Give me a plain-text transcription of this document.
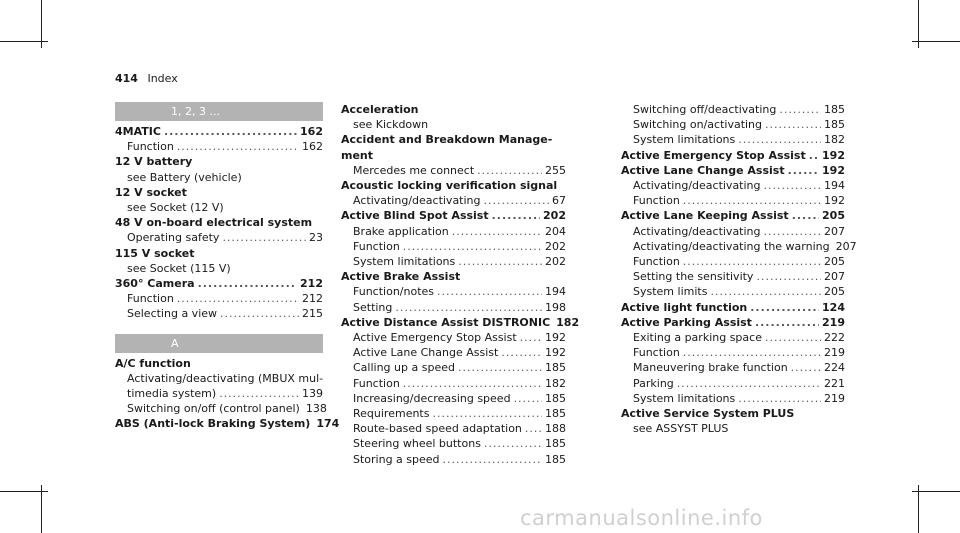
414 Index
1, 2, 3 ...
4MATIC .....	162
Function .....	162
12 V battery
see Battery (vehicle)
12 V socket
see Socket (12 V)
48 V on-board electrical system
Operating safety .....	23
115 V socket
see Socket (115 V)
360° Camera .....	212
Function .....	212
Selecting a view .....	215
A
A/C function
Activating/deactivating (MBUX mul-
timedia system) .....	139
Switching on/off (control panel) 138
ABS (Anti-lock Braking System) 174
Acceleration
see Kickdown
Accident and Breakdown Manage-
ment
Mercedes me connect .....	255
Acoustic locking verification signal
Activating/deactivating .....	67
Active Blind Spot Assist .....	202
Brake application .....	204
Function .....	202
System limitations .....	202
Active Brake Assist
Function/notes .....	194
Setting .....	198
Active Distance Assist DISTRONIC 182
Active Emergency Stop Assist .....	192
Active Lane Change Assist .....	192
Calling up a speed .....	185
Function .....	182
Increasing/decreasing speed .....	185
Requirements .....	185
Route-based speed adaptation ..... 188
Steering wheel buttons .....	185
Storing a speed .....	185
Switching off/deactivating .....	185
Switching on/activating .....	185
System limitations .....	182
Active Emergency Stop Assist ..... 192
Active Lane Change Assist .....	192
Activating/deactivating .....	194
Function .....	192
Active Lane Keeping Assist .....	205
Activating/deactivating .....	207
Activating/deactivating the warning 207
Function .....	205
Setting the sensitivity .....	207
System limits .....	205
Active light function .....	124
Active Parking Assist .....	219
Exiting a parking space .....	222
Function .....	219
Maneuvering brake function .....	224
Parking .....	221
System limitations .....	219
Active Service System PLUS
see ASSYST PLUS
carmanualsonline.info
